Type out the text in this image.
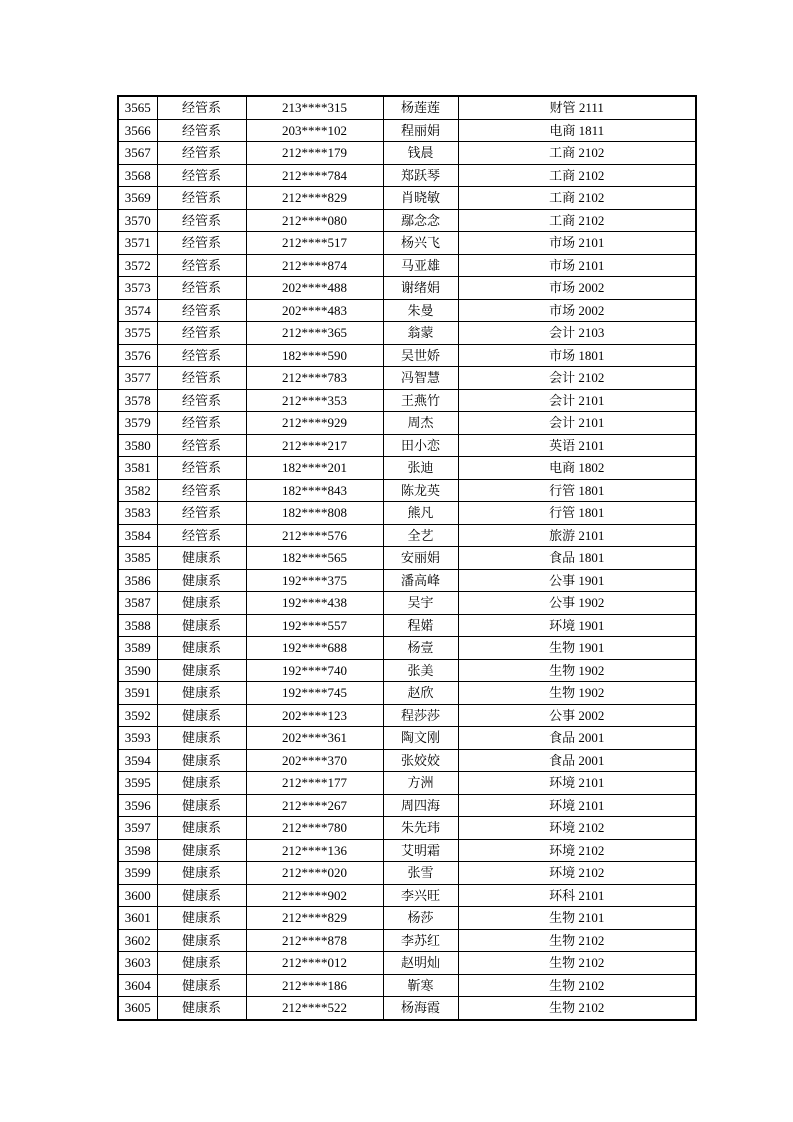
3565	经管系	213****315	杨莲莲	财管 2111
3566	经管系	203****102	程丽娟	电商 1811
3567	经管系	212****179	钱晨	工商 2102
3568	经管系	212****784	郑跃琴	工商 2102
3569	经管系	212****829	肖晓敏	工商 2102
3570	经管系	212****080	鄢念念	工商 2102
3571	经管系	212****517	杨兴飞	市场 2101
3572	经管系	212****874	马亚雄	市场 2101
3573	经管系	202****488	谢绪娟	市场 2002
3574	经管系	202****483	朱曼	市场 2002
3575	经管系	212****365	翁蒙	会计 2103
3576	经管系	182****590	吴世娇	市场 1801
3577	经管系	212****783	冯智慧	会计 2102
3578	经管系	212****353	王燕竹	会计 2101
3579	经管系	212****929	周杰	会计 2101
3580	经管系	212****217	田小恋	英语 2101
3581	经管系	182****201	张迪	电商 1802
3582	经管系	182****843	陈龙英	行管 1801
3583	经管系	182****808	熊凡	行管 1801
3584	经管系	212****576	全艺	旅游 2101
3585	健康系	182****565	安丽娟	食品 1801
3586	健康系	192****375	潘高峰	公事 1901
3587	健康系	192****438	吴宇	公事 1902
3588	健康系	192****557	程婼	环境 1901
3589	健康系	192****688	杨壹	生物 1901
3590	健康系	192****740	张美	生物 1902
3591	健康系	192****745	赵欣	生物 1902
3592	健康系	202****123	程莎莎	公事 2002
3593	健康系	202****361	陶文刚	食品 2001
3594	健康系	202****370	张姣姣	食品 2001
3595	健康系	212****177	方洲	环境 2101
3596	健康系	212****267	周四海	环境 2101
3597	健康系	212****780	朱先玮	环境 2102
3598	健康系	212****136	艾明霜	环境 2102
3599	健康系	212****020	张雪	环境 2102
3600	健康系	212****902	李兴旺	环科 2101
3601	健康系	212****829	杨莎	生物 2101
3602	健康系	212****878	李苏红	生物 2102
3603	健康系	212****012	赵明灿	生物 2102
3604	健康系	212****186	靳寒	生物 2102
3605	健康系	212****522	杨海霞	生物 2102
